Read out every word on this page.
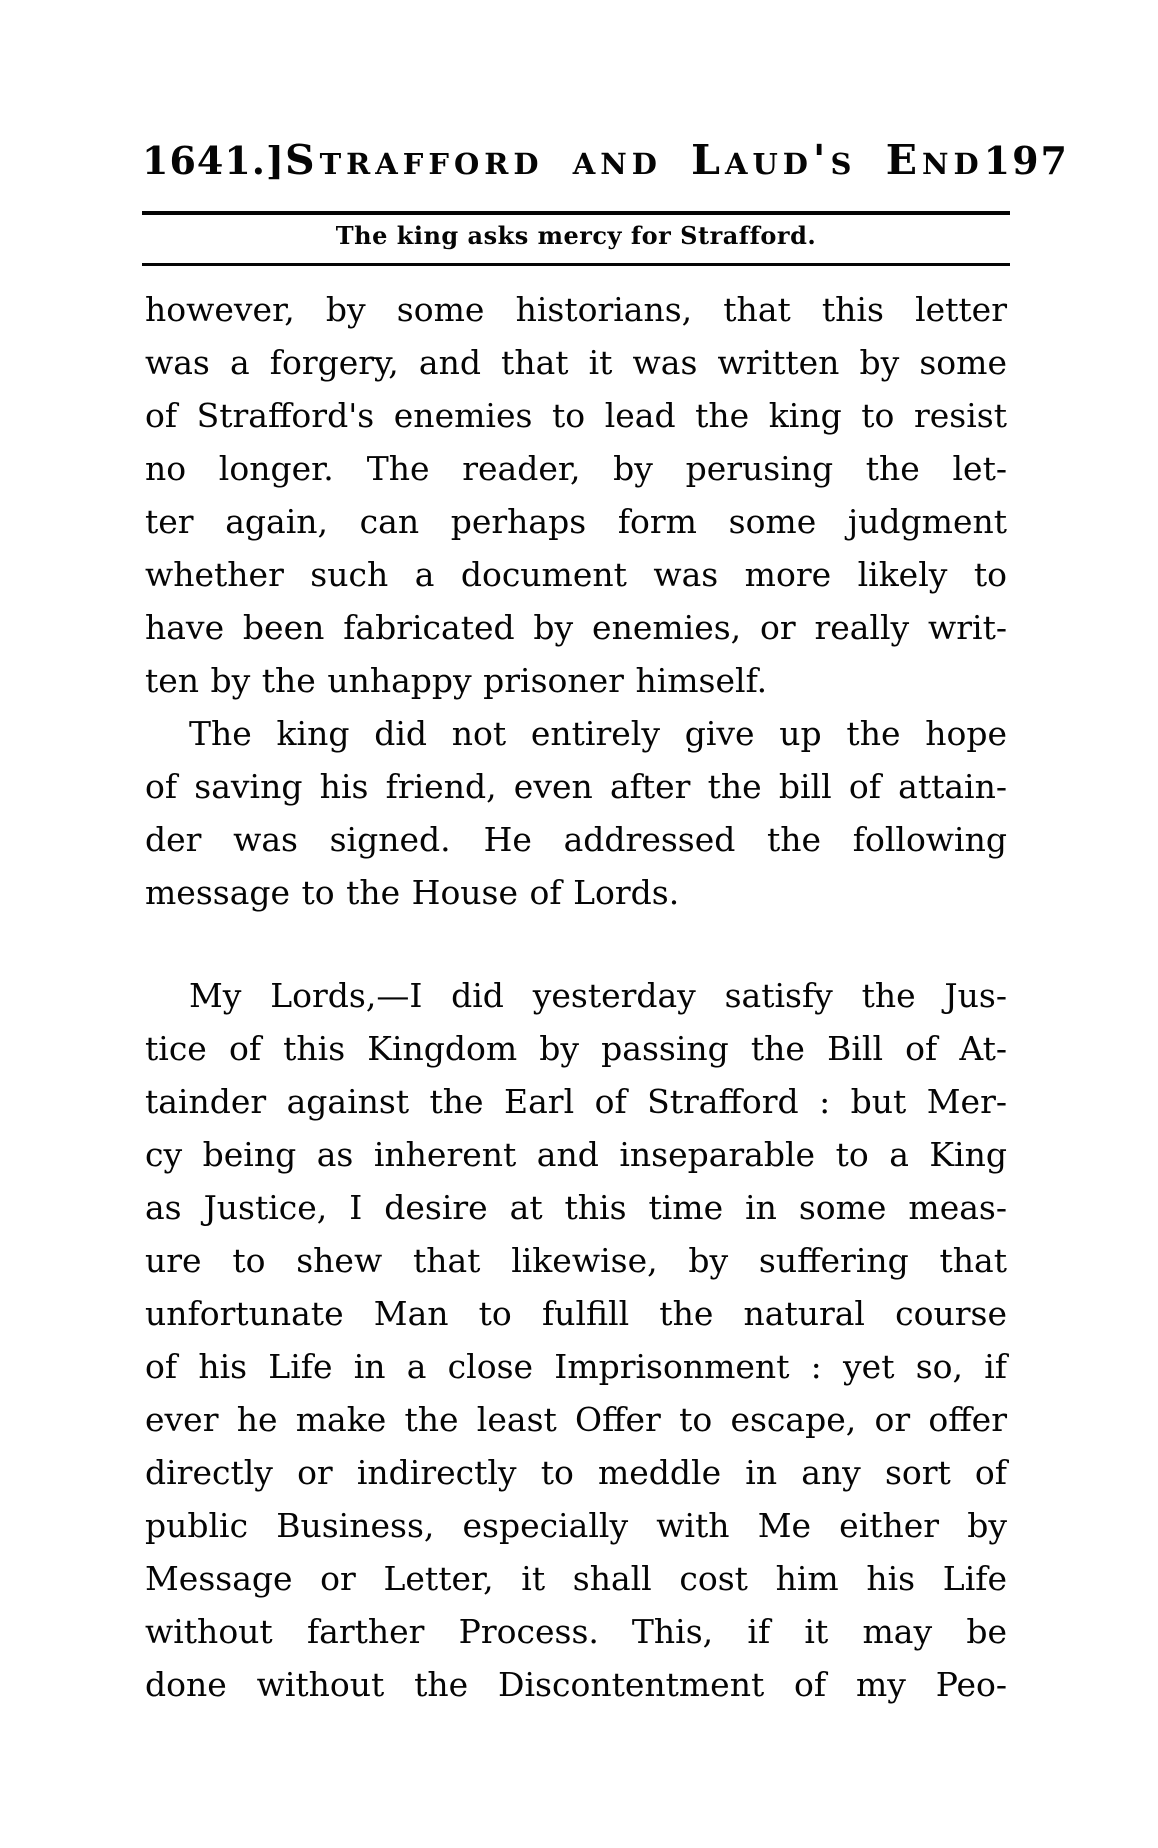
1641.] Strafford and Laud's End 197
The king asks mercy for Strafford.
however, by some historians, that this letter
was a forgery, and that it was written by some
of Strafford's enemies to lead the king to resist
no longer. The reader, by perusing the let-
ter again, can perhaps form some judgment
whether such a document was more likely to
have been fabricated by enemies, or really writ-
ten by the unhappy prisoner himself.
The king did not entirely give up the hope
of saving his friend, even after the bill of attain-
der was signed. He addressed the following
message to the House of Lords.
My Lords,—I did yesterday satisfy the Jus-
tice of this Kingdom by passing the Bill of At-
tainder against the Earl of Strafford : but Mer-
cy being as inherent and inseparable to a King
as Justice, I desire at this time in some meas-
ure to shew that likewise, by suffering that
unfortunate Man to fulfill the natural course
of his Life in a close Imprisonment : yet so, if
ever he make the least Offer to escape, or offer
directly or indirectly to meddle in any sort of
public Business, especially with Me either by
Message or Letter, it shall cost him his Life
without farther Process. This, if it may be
done without the Discontentment of my Peo-
